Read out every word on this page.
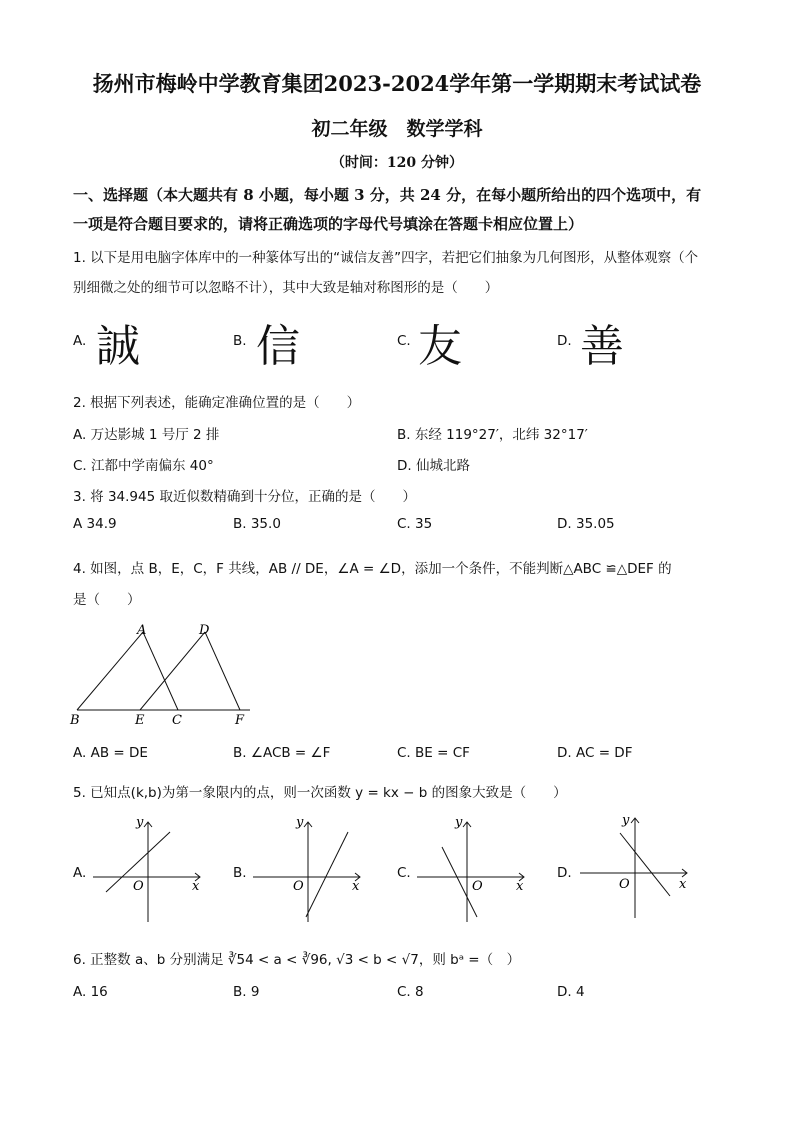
扬州市梅岭中学教育集团2023-2024学年第一学期期末考试试卷
初二年级　数学学科
（时间：120 分钟）
一、选择题（本大题共有 8 小题，每小题 3 分，共 24 分，在每小题所给出的四个选项中，有
一项是符合题目要求的，请将正确选项的字母代号填涂在答题卡相应位置上）
1. 以下是用电脑字体库中的一种篆体写出的“诚信友善”四字，若把它们抽象为几何图形，从整体观察（个
别细微之处的细节可以忽略不计），其中大致是轴对称图形的是（　　）
A. 誠	B. 信	C. 友	D. 善
2. 根据下列表述，能确定准确位置的是（　　）
A. 万达影城 1 号厅 2 排	B. 东经 119°27′，北纬 32°17′
C. 江都中学南偏东 40°	D. 仙城北路
3. 将 34.945 取近似数精确到十分位，正确的是（　　）
A 34.9	B. 35.0	C. 35	D. 35.05
4. 如图，点 B，E，C，F 共线，AB // DE，∠A = ∠D，添加一个条件，不能判断△ABC ≌△DEF 的
是（　　）
A	D
B	E C	F
A. AB = DE	B. ∠ACB = ∠F	C. BE = CF	D. AC = DF
5. 已知点(k,b)为第一象限内的点，则一次函数 y = kx − b 的图象大致是（　　）
A.
y
x
O
B.
y
x
O
C.
y
x
O
D.
y
x
O
6. 正整数 a、b 分别满足 ∛54 < a < ∛96, √3 < b < √7，则 bᵃ =（　）
A. 16	B. 9	C. 8	D. 4
